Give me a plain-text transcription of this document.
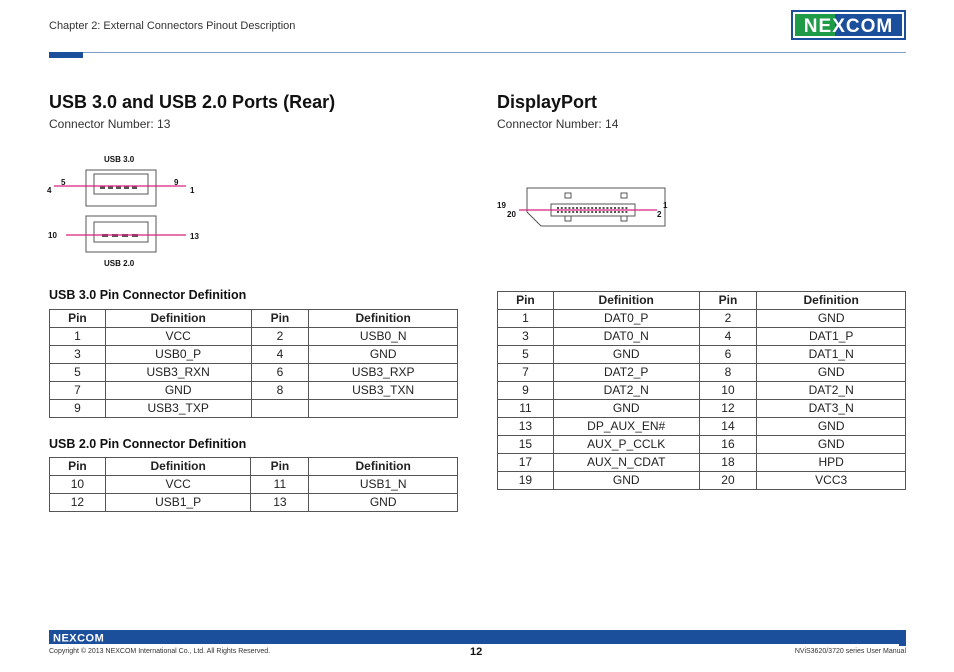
Chapter 2: External Connectors Pinout Description	NEXCOM
USB 3.0 and USB 2.0 Ports (Rear)
Connector Number: 13
USB 3.0
5
4
9
1
10	13
USB 2.0
USB 3.0 Pin Connector Definition
Pin	Definition	Pin	Definition
1	VCC	2	USB0_N
3	USB0_P	4	GND
5	USB3_RXN	6	USB3_RXP
7	GND	8	USB3_TXN
9	USB3_TXP		
USB 2.0 Pin Connector Definition
Pin	Definition	Pin	Definition
10	VCC	11	USB1_N
12	USB1_P	13	GND
DisplayPort
Connector Number: 14
19
20
1
2
Pin	Definition	Pin	Definition
1	DAT0_P	2	GND
3	DAT0_N	4	DAT1_P
5	GND	6	DAT1_N
7	DAT2_P	8	GND
9	DAT2_N	10	DAT2_N
11	GND	12	DAT3_N
13	DP_AUX_EN#	14	GND
15	AUX_P_CCLK	16	GND
17	AUX_N_CDAT	18	HPD
19	GND	20	VCC3
NEXCOM
Copyright © 2013 NEXCOM International Co., Ltd. All Rights Reserved.	12	NViS3620/3720 series User Manual
